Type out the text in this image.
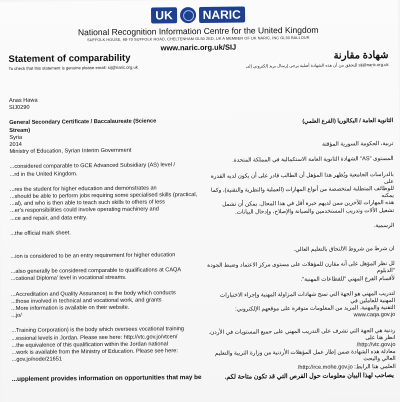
UK	NARIC
National Recognition Information Centre for the United Kingdom
SUFFOLK HOUSE, 68-70 SUFFOLK ROAD, CHELTENHAM GL50 2ED, UK A MEMBER OF UK NARIC, INC GL50 BALLOUR
www.naric.org.uk/SIJ
Statement of comparability	شهادة مقارنة
To check that this statement is genuine please email: sij@naric.org.uk	للتحقق من أن هذه الشهادة أصلية يرجى إرسال بريد إلكتروني إلى sij@naric.org.uk

Anas Hawa

SIJ0290

General Secondary Certificate / Baccalaureate (Science

Stream)

Syria

2014

Ministry of Education, Syrian Interim Government

...considered comparable to GCE Advanced Subsidiary (AS) level /

...rd in the United Kingdom.

...res the student for higher education and demonstrates an

...should be able to perform jobs requiring some specialised skills (practical,

...al), and who is then able to teach such skills to others of less

...er's responsibilities could involve operating machinery and

...ce and repair, and data entry.

...the official mark sheet.

...ion is considered to be an entry requirement for higher education

...also generally be considered comparable to qualifications at CAQA

...cational Diploma' level in vocational streams.

...Accreditation and Quality Assurance) is the body which conducts

...those involved in technical and vocational work, and grants

...More information is available on their website.

...jo/

...Training Corporation) is the body which oversees vocational training

...essional levels in Jordan. Please see here: http://vtc.gov.jo/vtcen/

...the equivalence of this qualification within the Jordan national

...work is available from the Ministry of Education. Please see here:

...gov.jo/node/21651

الثانوية العامة / البكالوريا (الفرع العلمي)

تربية، الحكومة السورية المؤقتة

المستوى "AS" الشهادة الثانوية العامة الاستكمالية في المملكة المتحدة.

بالدراسات الجامعية ويُظهر هذا المؤهل أن الطالب قادر على أن يكون لديه القدرة على

للوظائف المتطلبة لمتخصصة من أنواع المهارات (العملية والنظرية والتقنية)، وكما يمكنه

هذه المهارات للآخرين ممن لديهم خبرة أقل في هذا المجال. يمكن أن تشمل

تشغيل الآلات وتدريب المستخدمين والصيانة والإصلاح، وإدخال البيانات.

الرسمية.

ان شرط من شروط الالتحاق بالتعليم العالي.

لل نظر المؤهل على أنه مقارن للمؤهلات على مستوى مركز الاعتماد وضبط الجودة "الدبلوم

لأقسام الفرع المهني "للقطاعات المهنية".

لتدريب المهني هو الجهة التي تمنح شهادات المزاولة المهنية وإجراء الاختبارات المهنية للعاملين في

التقنية والمهنية. المزيد من المعلومات متوفرة على موقعهم الإلكتروني:

www.caqa.gov.jo

ردنية هي الجهة التي تشرف على التدريب المهني على جميع المستويات في الأردن. انظر هنا على

http://vtc.gov.jo/

معادلة هذه الشهادة ضمن إطار عمل المؤهلات الأردنية من وزارة التربية والتعليم العالي والبحث

العلمي هنا الرابط: http://rce.mohe.gov.jo/

...upplement provides information on opportunities that may be	يصاحب لهذا البيان معلومات حول الفرص التي قد تكون متاحة لكم.
